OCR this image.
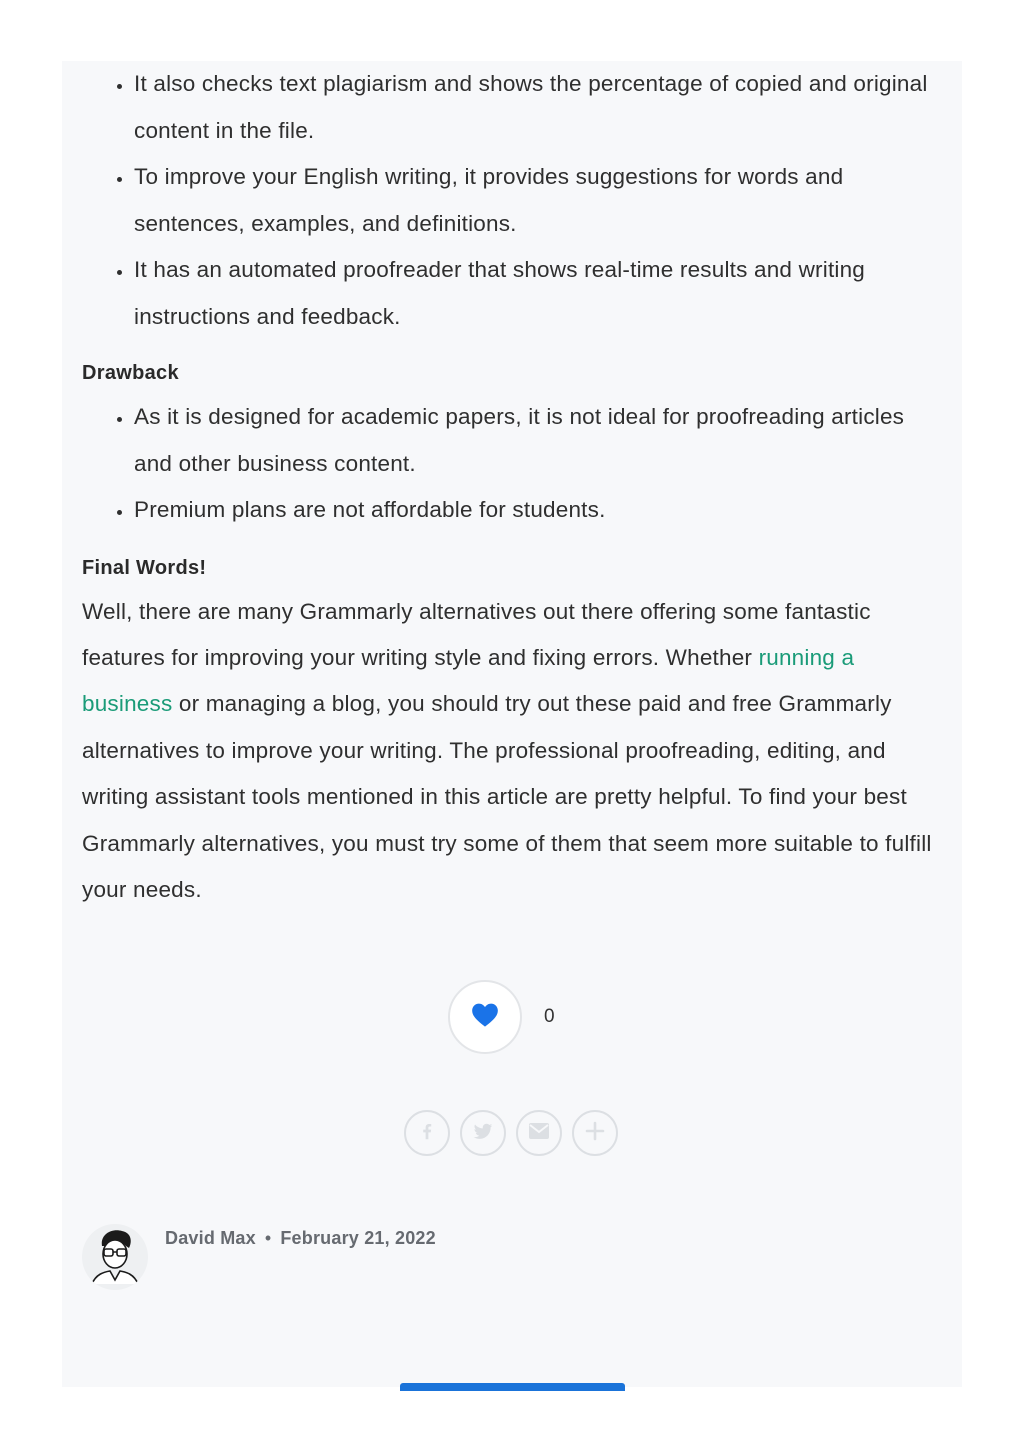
• It also checks text plagiarism and shows the percentage of copied and original content in the file.
• To improve your English writing, it provides suggestions for words and sentences, examples, and definitions.
• It has an automated proofreader that shows real-time results and writing instructions and feedback.
Drawback
• As it is designed for academic papers, it is not ideal for proofreading articles and other business content.
• Premium plans are not affordable for students.
Final Words!

Well, there are many Grammarly alternatives out there offering some fantastic features for improving your writing style and fixing errors. Whether running a business or managing a blog, you should try out these paid and free Grammarly alternatives to improve your writing. The professional proofreading, editing, and writing assistant tools mentioned in this article are pretty helpful. To find your best Grammarly alternatives, you must try some of them that seem more suitable to fulfill your needs.

0
David Max • February 21, 2022
